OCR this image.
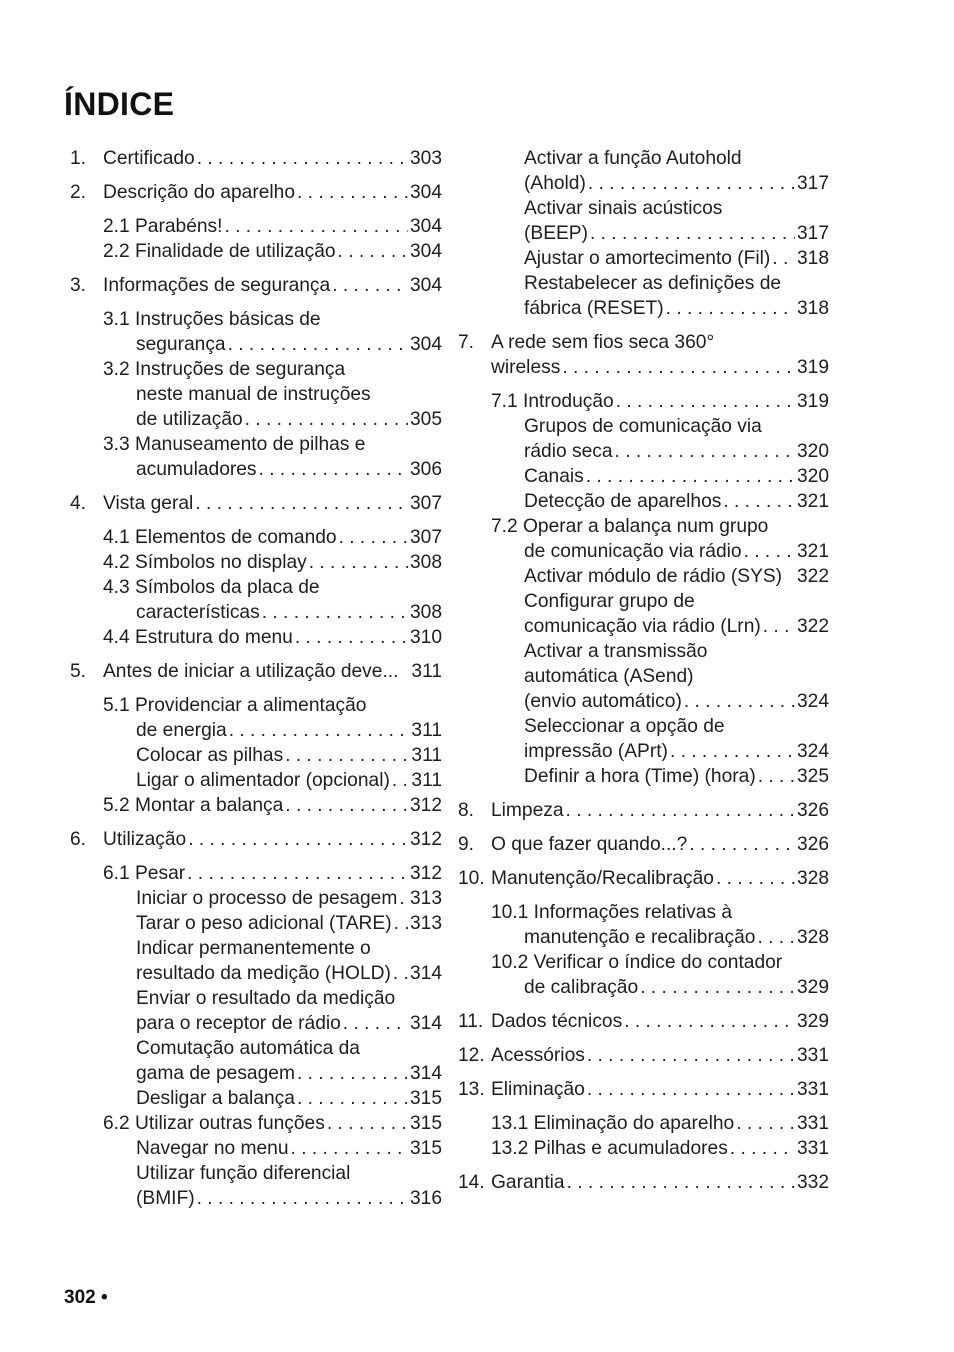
ÍNDICE
1. Certificado . . .	303
2. Descrição do aparelho . . .	304
2.1 Parabéns! . . .	304
2.2 Finalidade de utilização . . .	304
3. Informações de segurança . . .	304
3.1 Instruções básicas de
segurança . . .	304
3.2 Instruções de segurança
neste manual de instruções
de utilização . . .	305
3.3 Manuseamento de pilhas e
acumuladores . . .	306
4. Vista geral . . .	307
4.1 Elementos de comando . . .	307
4.2 Símbolos no display . . .	308
4.3 Símbolos da placa de
características . . .	308
4.4 Estrutura do menu . . .	310
5. Antes de iniciar a utilização deve... 311
5.1 Providenciar a alimentação
de energia . . .	311
Colocar as pilhas . . .	311
Ligar o alimentador (opcional) . . . 311
5.2 Montar a balança . . .	312
6. Utilização . . .	312
6.1 Pesar . . .	312
Iniciar o processo de pesagem . . . 313
Tarar o peso adicional (TARE) . . . 313
Indicar permanentemente o
resultado da medição (HOLD) . . . 314
Enviar o resultado da medição
para o receptor de rádio . . .	314
Comutação automática da
gama de pesagem . . .	314
Desligar a balança . . .	315
6.2 Utilizar outras funções . . .	315
Navegar no menu . . .	315
Utilizar função diferencial
(BMIF) . . .	316
Activar a função Autohold
(Ahold) . . .	317
Activar sinais acústicos
(BEEP) . . .	317
Ajustar o amortecimento (Fil) . . . 318
Restabelecer as definições de
fábrica (RESET) . . .	318
7. A rede sem fios seca 360°
wireless . . .	319
7.1 Introdução . . .	319
Grupos de comunicação via
rádio seca . . .	320
Canais . . .	320
Detecção de aparelhos . . .	321
7.2 Operar a balança num grupo
de comunicação via rádio . . .	321
Activar módulo de rádio (SYS) 322
Configurar grupo de
comunicação via rádio (Lrn) . . . 322
Activar a transmissão
automática (ASend)
(envio automático) . . .	324
Seleccionar a opção de
impressão (APrt) . . .	324
Definir a hora (Time) (hora) . . . 325
8. Limpeza . . .	326
9. O que fazer quando...? . . .	326
10. Manutenção/Recalibração . . .	328
10.1 Informações relativas à
manutenção e recalibração . . . 328
10.2 Verificar o índice do contador
de calibração . . .	329
11. Dados técnicos . . .	329
12. Acessórios . . .	331
13. Eliminação . . .	331
13.1 Eliminação do aparelho . . .	331
13.2 Pilhas e acumuladores . . .	331
14. Garantia . . .	332
302 •
